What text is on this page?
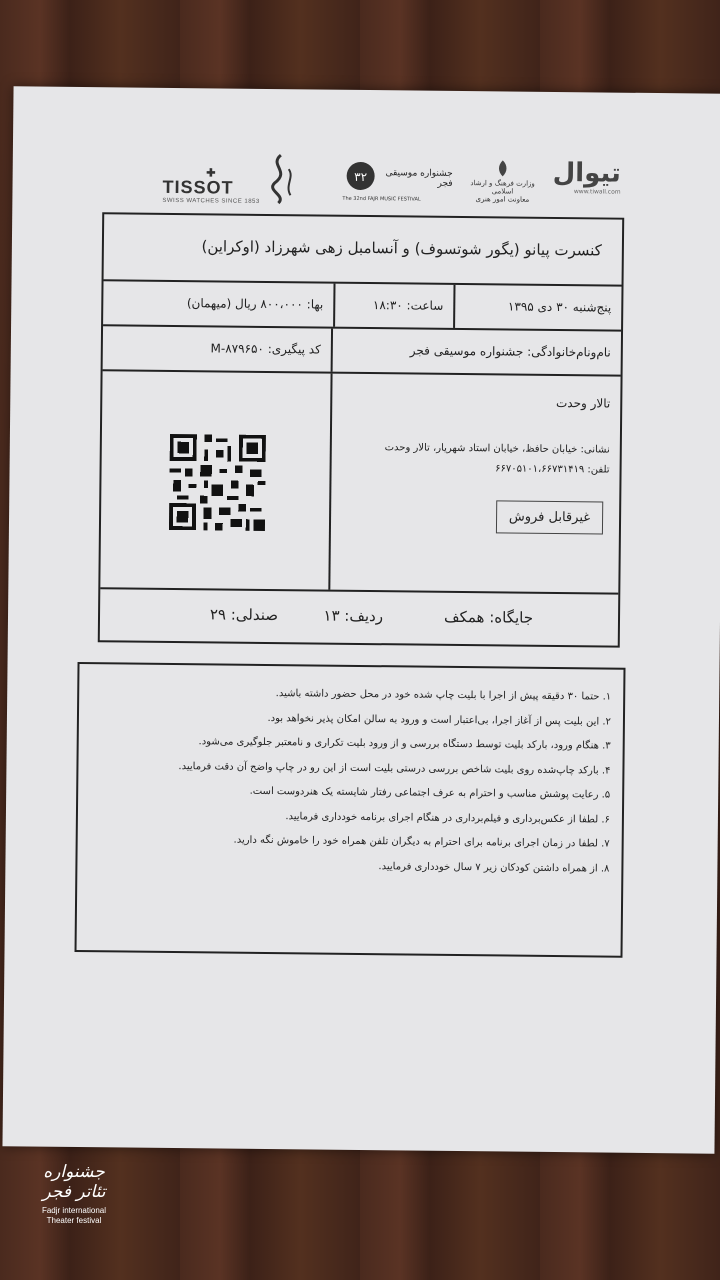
✚
TISSOT
SWISS WATCHES SINCE 1853
۳۲	جشنواره موسیقی فجر
The 32nd FAJR MUSIC FESTIVAL
وزارت فرهنگ و ارشاد اسلامی
معاونت امور هنری
تیوال
www.tiwall.com
کنسرت پیانو (یگور شوتسوف) و آنسامبل زهی شهرزاد (اوکراین)
پنج‌شنبه ۳۰ دی ۱۳۹۵
ساعت: ۱۸:۳۰
بها: ۸۰۰،۰۰۰ ریال (میهمان)
نام‌ونام‌خانوادگی: جشنواره موسیقی فجر
کد پیگیری: M-۸۷۹۶۵۰
تالار وحدت
نشانی: خیابان حافظ، خیابان استاد شهریار، تالار وحدت
تلفن: ۶۶۷۰۵۱۰۱،۶۶۷۳۱۴۱۹
غیرقابل فروش
جایگاه: همکف
ردیف: ۱۳
صندلی: ۲۹
۱. حتما ۳۰ دقیقه پیش از اجرا با بلیت چاپ شده خود در محل حضور داشته باشید.
۲. این بلیت پس از آغاز اجرا، بی‌اعتبار است و ورود به سالن امکان پذیر نخواهد بود.
۳. هنگام ورود، بارکد بلیت توسط دستگاه بررسی و از ورود بلیت تکراری و نامعتبر جلوگیری می‌شود.
۴. بارکد چاپ‌شده روی بلیت شاخص بررسی درستی بلیت است از این رو در چاپ واضح آن دقت فرمایید.
۵. رعایت پوشش مناسب و احترام به عرف اجتماعی رفتار شایسته یک هنردوست است.
۶. لطفا از عکس‌برداری و فیلم‌برداری در هنگام اجرای برنامه خودداری فرمایید.
۷. لطفا در زمان اجرای برنامه برای احترام به دیگران تلفن همراه خود را خاموش نگه دارید.
۸. از همراه داشتن کودکان زیر ۷ سال خودداری فرمایید.
جشنواره تئاتر فجر
Fadjr international
Theater festival
